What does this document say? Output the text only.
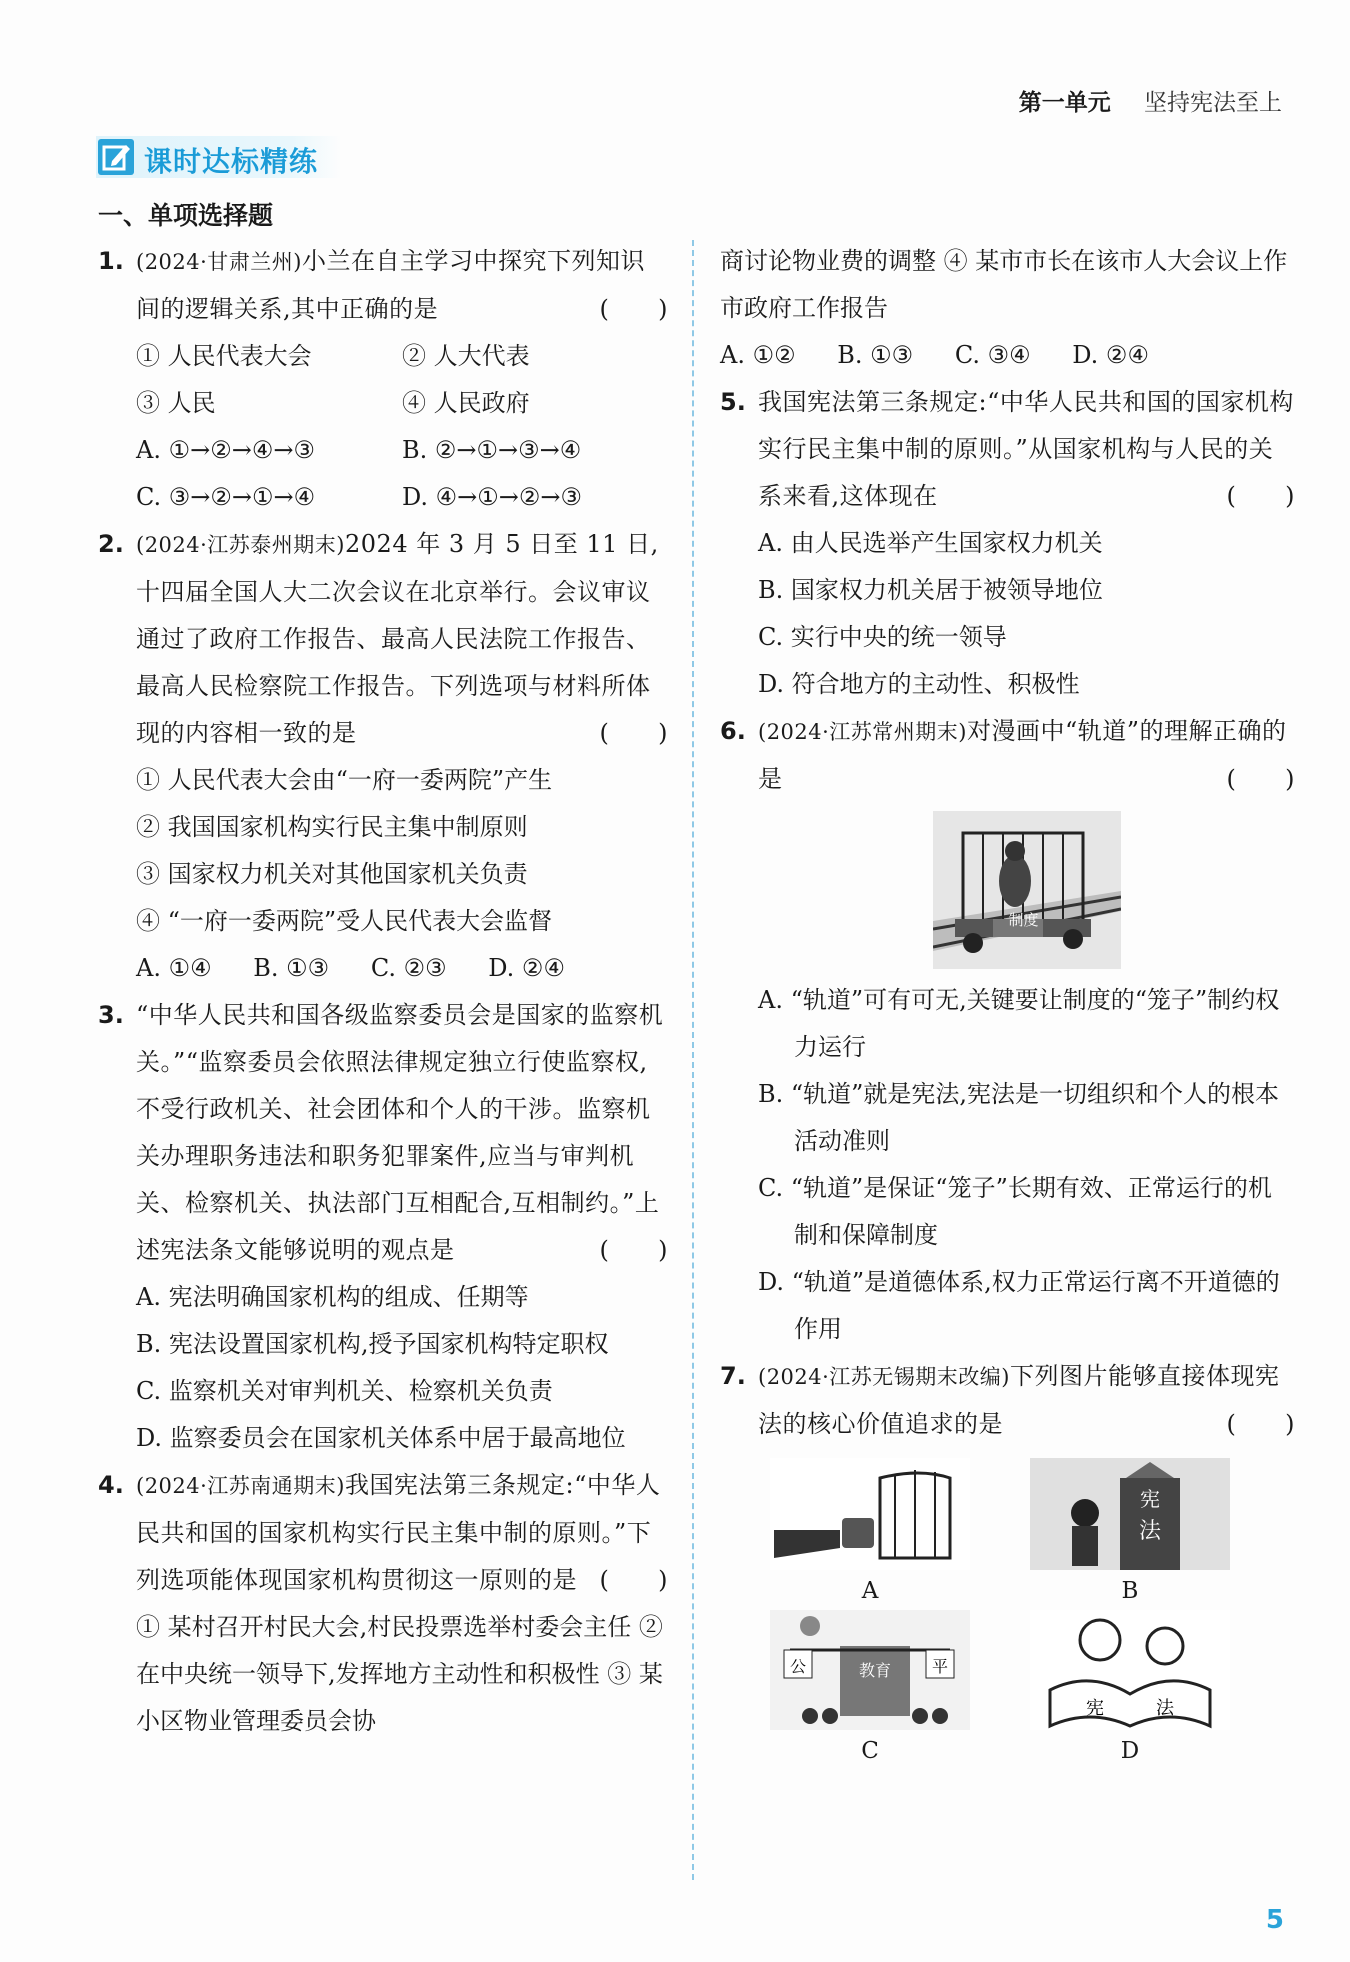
第一单元 坚持宪法至上
课时达标精练
一、单项选择题
1. (2024·甘肃兰州)小兰在自主学习中探究下列知识间的逻辑关系,其中正确的是
(      )
① 人民代表大会	② 人大代表
③ 人民	④ 人民政府
A. ①→②→④→③	B. ②→①→③→④
C. ③→②→①→④	D. ④→①→②→③
2. (2024·江苏泰州期末)2024 年 3 月 5 日至 11 日,十四届全国人大二次会议在北京举行。会议审议通过了政府工作报告、最高人民法院工作报告、最高人民检察院工作报告。下列选项与材料所体现的内容相一致的是
(      )
① 人民代表大会由“一府一委两院”产生
② 我国国家机构实行民主集中制原则
③ 国家权力机关对其他国家机关负责
④ “一府一委两院”受人民代表大会监督
A. ①④ B. ①③ C. ②③ D. ②④
3. “中华人民共和国各级监察委员会是国家的监察机关。”“监察委员会依照法律规定独立行使监察权,不受行政机关、社会团体和个人的干涉。监察机关办理职务违法和职务犯罪案件,应当与审判机关、检察机关、执法部门互相配合,互相制约。”上述宪法条文能够说明的观点是
(      )
A. 宪法明确国家机构的组成、任期等
B. 宪法设置国家机构,授予国家机构特定职权
C. 监察机关对审判机关、检察机关负责
D. 监察委员会在国家机关体系中居于最高地位
4. (2024·江苏南通期末)我国宪法第三条规定:“中华人民共和国的国家机构实行民主集中制的原则。”下列选项能体现国家机构贯彻这一原则的是
(      )
① 某村召开村民大会,村民投票选举村委会主任 ② 在中央统一领导下,发挥地方主动性和积极性 ③ 某小区物业管理委员会协
商讨论物业费的调整 ④ 某市市长在该市人大会议上作市政府工作报告
A. ①② B. ①③ C. ③④ D. ②④
5. 我国宪法第三条规定:“中华人民共和国的国家机构实行民主集中制的原则。”从国家机构与人民的关系来看,这体现在
(      )
A. 由人民选举产生国家权力机关
B. 国家权力机关居于被领导地位
C. 实行中央的统一领导
D. 符合地方的主动性、积极性
6. (2024·江苏常州期末)对漫画中“轨道”的理解正确的是
(      )
制度
A. “轨道”可有可无,关键要让制度的“笼子”制约权力运行
B. “轨道”就是宪法,宪法是一切组织和个人的根本活动准则
C. “轨道”是保证“笼子”长期有效、正常运行的机制和保障制度
D. “轨道”是道德体系,权力正常运行离不开道德的作用
7. (2024·江苏无锡期末改编)下列图片能够直接体现宪法的核心价值追求的是
(      )
A
宪
法
B
公	教育	平
C
宪	法
D
5
